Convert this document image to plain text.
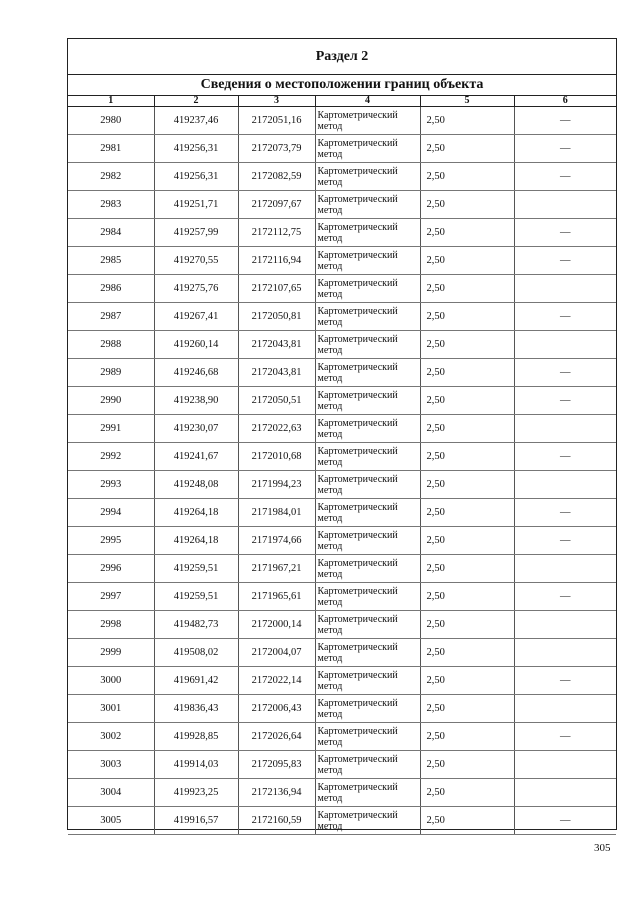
Раздел 2
Сведения о местоположении границ объекта
1	2	3	4	5	6
2980	419237,46	2172051,16	Картометрический метод	2,50	—
2981	419256,31	2172073,79	Картометрический метод	2,50	—
2982	419256,31	2172082,59	Картометрический метод	2,50	—
2983	419251,71	2172097,67	Картометрический метод	2,50	
2984	419257,99	2172112,75	Картометрический метод	2,50	—
2985	419270,55	2172116,94	Картометрический метод	2,50	—
2986	419275,76	2172107,65	Картометрический метод	2,50	
2987	419267,41	2172050,81	Картометрический метод	2,50	—
2988	419260,14	2172043,81	Картометрический метод	2,50	
2989	419246,68	2172043,81	Картометрический метод	2,50	—
2990	419238,90	2172050,51	Картометрический метод	2,50	—
2991	419230,07	2172022,63	Картометрический метод	2,50	
2992	419241,67	2172010,68	Картометрический метод	2,50	—
2993	419248,08	2171994,23	Картометрический метод	2,50	
2994	419264,18	2171984,01	Картометрический метод	2,50	—
2995	419264,18	2171974,66	Картометрический метод	2,50	—
2996	419259,51	2171967,21	Картометрический метод	2,50	
2997	419259,51	2171965,61	Картометрический метод	2,50	—
2998	419482,73	2172000,14	Картометрический метод	2,50	
2999	419508,02	2172004,07	Картометрический метод	2,50	
3000	419691,42	2172022,14	Картометрический метод	2,50	—
3001	419836,43	2172006,43	Картометрический метод	2,50	
3002	419928,85	2172026,64	Картометрический метод	2,50	—
3003	419914,03	2172095,83	Картометрический метод	2,50	
3004	419923,25	2172136,94	Картометрический метод	2,50	
3005	419916,57	2172160,59	Картометрический метод	2,50	—
305
